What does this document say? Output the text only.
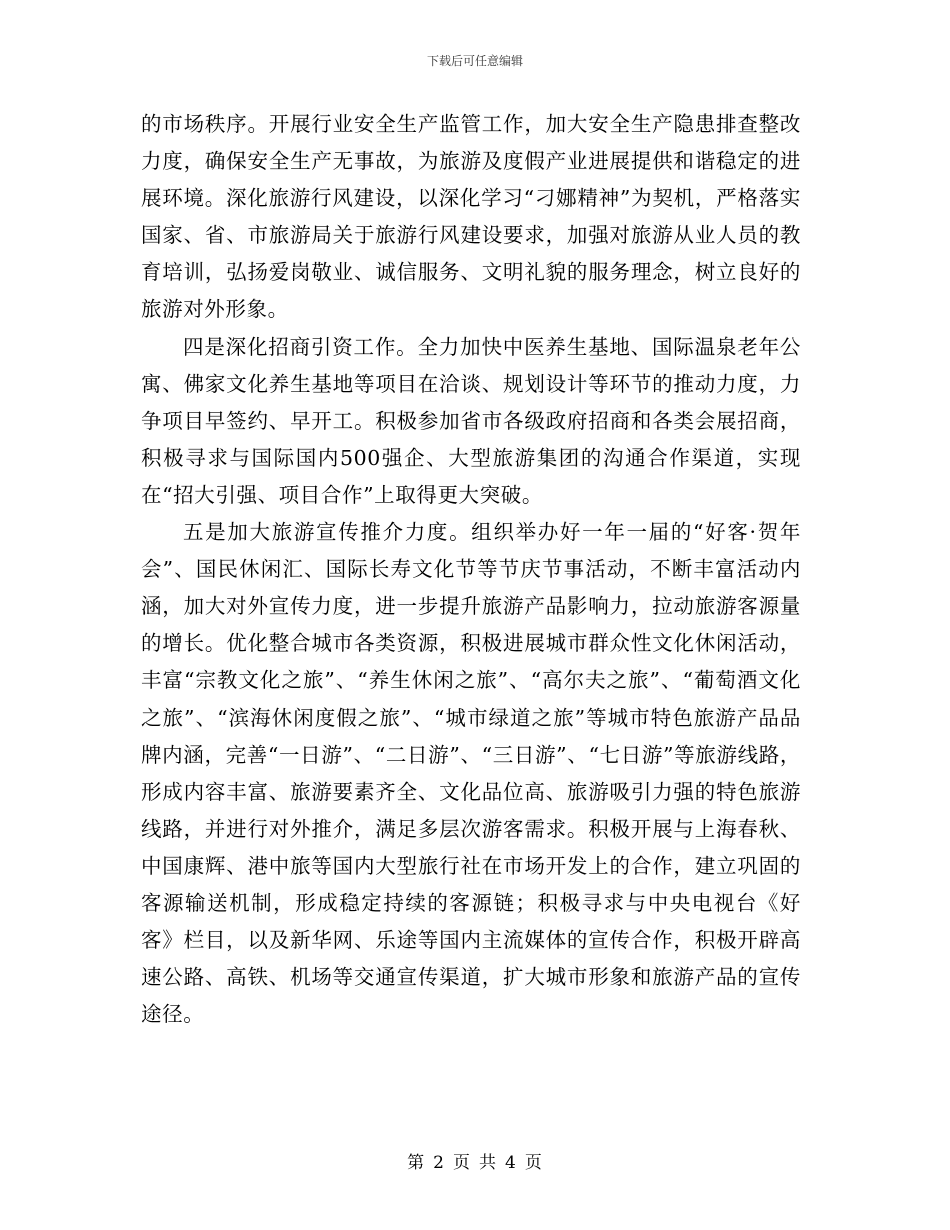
下载后可任意编辑

的市场秩序。开展行业安全生产监管工作，加大安全生产隐患排查整改力度，确保安全生产无事故，为旅游及度假产业进展提供和谐稳定的进展环境。深化旅游行风建设，以深化学习“刁娜精神”为契机，严格落实国家、省、市旅游局关于旅游行风建设要求，加强对旅游从业人员的教育培训，弘扬爱岗敬业、诚信服务、文明礼貌的服务理念，树立良好的旅游对外形象。

四是深化招商引资工作。全力加快中医养生基地、国际温泉老年公寓、佛家文化养生基地等项目在洽谈、规划设计等环节的推动力度，力争项目早签约、早开工。积极参加省市各级政府招商和各类会展招商，积极寻求与国际国内500强企、大型旅游集团的沟通合作渠道，实现在“招大引强、项目合作”上取得更大突破。

五是加大旅游宣传推介力度。组织举办好一年一届的“好客·贺年会”、国民休闲汇、国际长寿文化节等节庆节事活动，不断丰富活动内涵，加大对外宣传力度，进一步提升旅游产品影响力，拉动旅游客源量的增长。优化整合城市各类资源，积极进展城市群众性文化休闲活动，丰富“宗教文化之旅”、“养生休闲之旅”、“高尔夫之旅”、“葡萄酒文化之旅”、“滨海休闲度假之旅”、“城市绿道之旅”等城市特色旅游产品品牌内涵，完善“一日游”、“二日游”、“三日游”、“七日游”等旅游线路，形成内容丰富、旅游要素齐全、文化品位高、旅游吸引力强的特色旅游线路，并进行对外推介，满足多层次游客需求。积极开展与上海春秋、中国康辉、港中旅等国内大型旅行社在市场开发上的合作，建立巩固的客源输送机制，形成稳定持续的客源链；积极寻求与中央电视台《好客》栏目，以及新华网、乐途等国内主流媒体的宣传合作，积极开辟高速公路、高铁、机场等交通宣传渠道，扩大城市形象和旅游产品的宣传途径。

第 2 页 共 4 页
